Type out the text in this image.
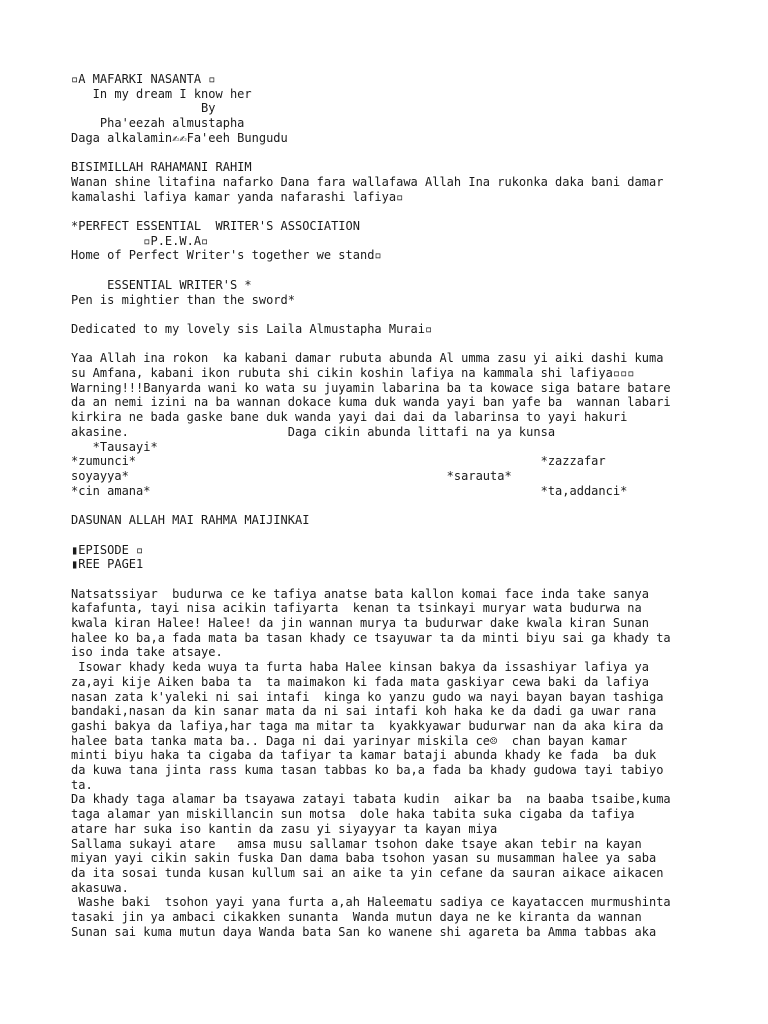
▫A MAFARKI NASANTA ▫
In my dream I know her
By
Pha'eezah almustapha
Daga alkalamin✍✍Fa'eeh Bungudu

BISIMILLAH RAHAMANI RAHIM
Wanan shine litafina nafarko Dana fara wallafawa Allah Ina rukonka daka bani damar
kamalashi lafiya kamar yanda nafarashi lafiya▫

*PERFECT ESSENTIAL  WRITER'S ASSOCIATION
▫P.E.W.A▫
Home of Perfect Writer's together we stand▫

ESSENTIAL WRITER'S *
Pen is mightier than the sword*

Dedicated to my lovely sis Laila Almustapha Murai▫

Yaa Allah ina rokon  ka kabani damar rubuta abunda Al umma zasu yi aiki dashi kuma
su Amfana, kabani ikon rubuta shi cikin koshin lafiya na kammala shi lafiya▫▫▫
Warning!!!Banyarda wani ko wata su juyamin labarina ba ta kowace siga batare batare
da an nemi izini na ba wannan dokace kuma duk wanda yayi ban yafe ba  wannan labari
kirkira ne bada gaske bane duk wanda yayi dai dai da labarinsa to yayi hakuri
akasine.                      Daga cikin abunda littafi na ya kunsa
*Tausayi*
*zumunci*                                                        *zazzafar
soyayya*                                            *sarauta*
*cin amana*                                                      *ta,addanci*

DASUNAN ALLAH MAI RAHMA MAIJINKAI

▮EPISODE ▫
▮REE PAGE1

Natsatssiyar  budurwa ce ke tafiya anatse bata kallon komai face inda take sanya
kafafunta, tayi nisa acikin tafiyarta  kenan ta tsinkayi muryar wata budurwa na
kwala kiran Halee! Halee! da jin wannan murya ta budurwar dake kwala kiran Sunan
halee ko ba,a fada mata ba tasan khady ce tsayuwar ta da minti biyu sai ga khady ta
iso inda take atsaye.
Isowar khady keda wuya ta furta haba Halee kinsan bakya da issashiyar lafiya ya
za,ayi kije Aiken baba ta  ta maimakon ki fada mata gaskiyar cewa baki da lafiya
nasan zata k'yaleki ni sai intafi  kinga ko yanzu gudo wa nayi bayan bayan tashiga
bandaki,nasan da kin sanar mata da ni sai intafi koh haka ke da dadi ga uwar rana
gashi bakya da lafiya,har taga ma mitar ta  kyakkyawar budurwar nan da aka kira da
halee bata tanka mata ba.. Daga ni dai yarinyar miskila ce☹  chan bayan kamar
minti biyu haka ta cigaba da tafiyar ta kamar bataji abunda khady ke fada  ba duk
da kuwa tana jinta rass kuma tasan tabbas ko ba,a fada ba khady gudowa tayi tabiyo
ta.
Da khady taga alamar ba tsayawa zatayi tabata kudin  aikar ba  na baaba tsaibe,kuma
taga alamar yan miskillancin sun motsa  dole haka tabita suka cigaba da tafiya
atare har suka iso kantin da zasu yi siyayyar ta kayan miya
Sallama sukayi atare   amsa musu sallamar tsohon dake tsaye akan tebir na kayan
miyan yayi cikin sakin fuska Dan dama baba tsohon yasan su musamman halee ya saba
da ita sosai tunda kusan kullum sai an aike ta yin cefane da sauran aikace aikacen
akasuwa.
Washe baki  tsohon yayi yana furta a,ah Haleematu sadiya ce kayataccen murmushinta
tasaki jin ya ambaci cikakken sunanta  Wanda mutun daya ne ke kiranta da wannan
Sunan sai kuma mutun daya Wanda bata San ko wanene shi agareta ba Amma tabbas aka
